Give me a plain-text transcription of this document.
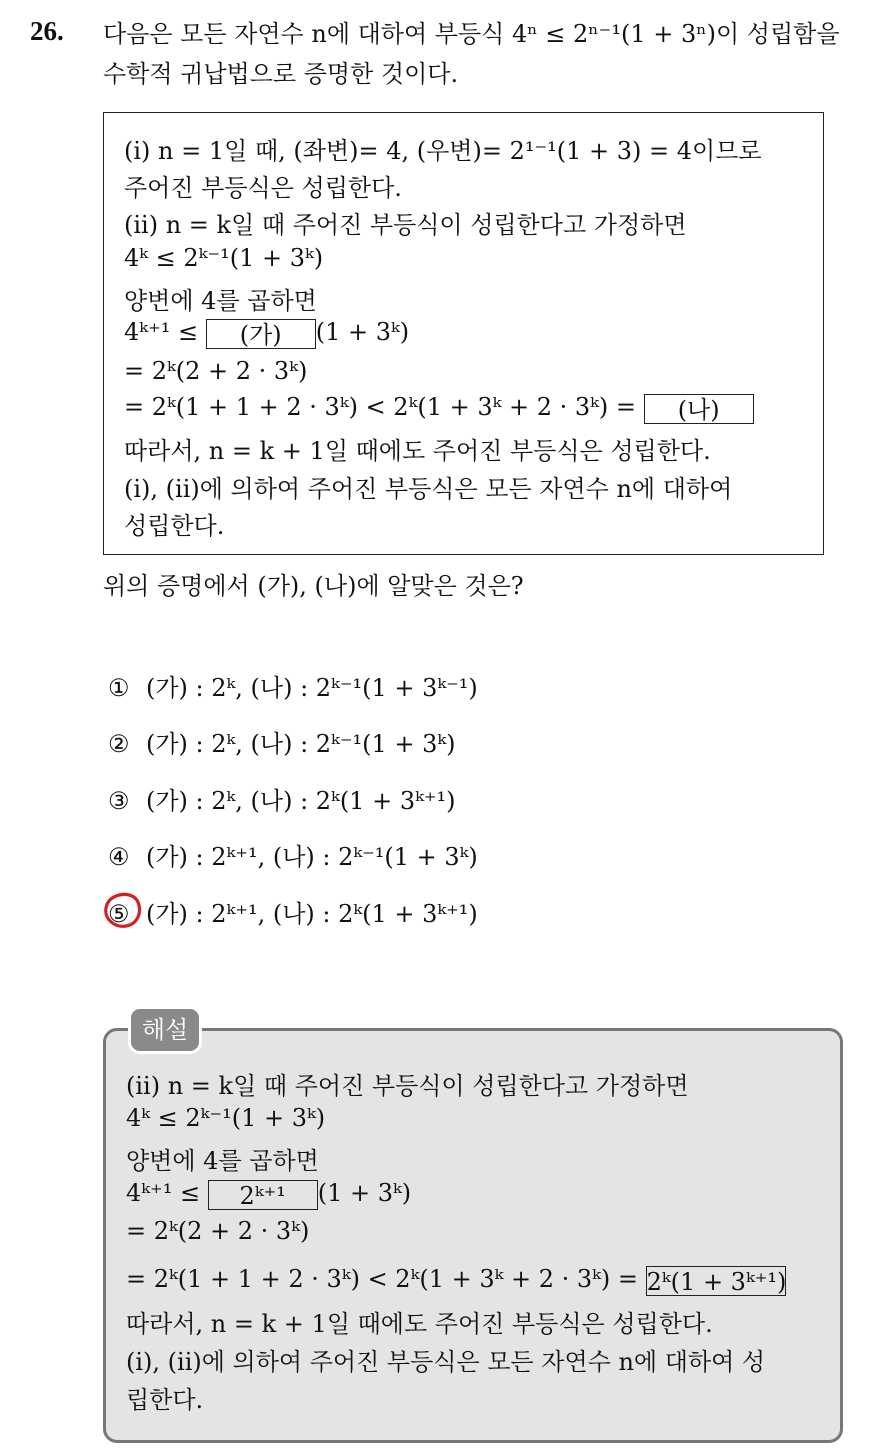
26. 다음은 모든 자연수 n에 대하여 부등식 4ⁿ ≤ 2ⁿ⁻¹(1 + 3ⁿ)이 성립함을
수학적 귀납법으로 증명한 것이다.
(i) n = 1일 때, (좌변)= 4, (우변)= 2¹⁻¹(1 + 3) = 4이므로
주어진 부등식은 성립한다.
(ii) n = k일 때 주어진 부등식이 성립한다고 가정하면
4ᵏ ≤ 2ᵏ⁻¹(1 + 3ᵏ)
양변에 4를 곱하면
4ᵏ⁺¹ ≤ (가) (1 + 3ᵏ)
= 2ᵏ(2 + 2 · 3ᵏ)
= 2ᵏ(1 + 1 + 2 · 3ᵏ) < 2ᵏ(1 + 3ᵏ + 2 · 3ᵏ) = (나)
따라서, n = k + 1일 때에도 주어진 부등식은 성립한다.
(i), (ii)에 의하여 주어진 부등식은 모든 자연수 n에 대하여
성립한다.
위의 증명에서 (가), (나)에 알맞은 것은?
① (가) : 2ᵏ, (나) : 2ᵏ⁻¹(1 + 3ᵏ⁻¹)
② (가) : 2ᵏ, (나) : 2ᵏ⁻¹(1 + 3ᵏ)
③ (가) : 2ᵏ, (나) : 2ᵏ(1 + 3ᵏ⁺¹)
④ (가) : 2ᵏ⁺¹, (나) : 2ᵏ⁻¹(1 + 3ᵏ)
⑤ (가) : 2ᵏ⁺¹, (나) : 2ᵏ(1 + 3ᵏ⁺¹)
해설
(ii) n = k일 때 주어진 부등식이 성립한다고 가정하면
4ᵏ ≤ 2ᵏ⁻¹(1 + 3ᵏ)
양변에 4를 곱하면
4ᵏ⁺¹ ≤ 2ᵏ⁺¹ (1 + 3ᵏ)
= 2ᵏ(2 + 2 · 3ᵏ)
= 2ᵏ(1 + 1 + 2 · 3ᵏ) < 2ᵏ(1 + 3ᵏ + 2 · 3ᵏ) = 2ᵏ(1 + 3ᵏ⁺¹)
따라서, n = k + 1일 때에도 주어진 부등식은 성립한다.
(i), (ii)에 의하여 주어진 부등식은 모든 자연수 n에 대하여 성
립한다.
